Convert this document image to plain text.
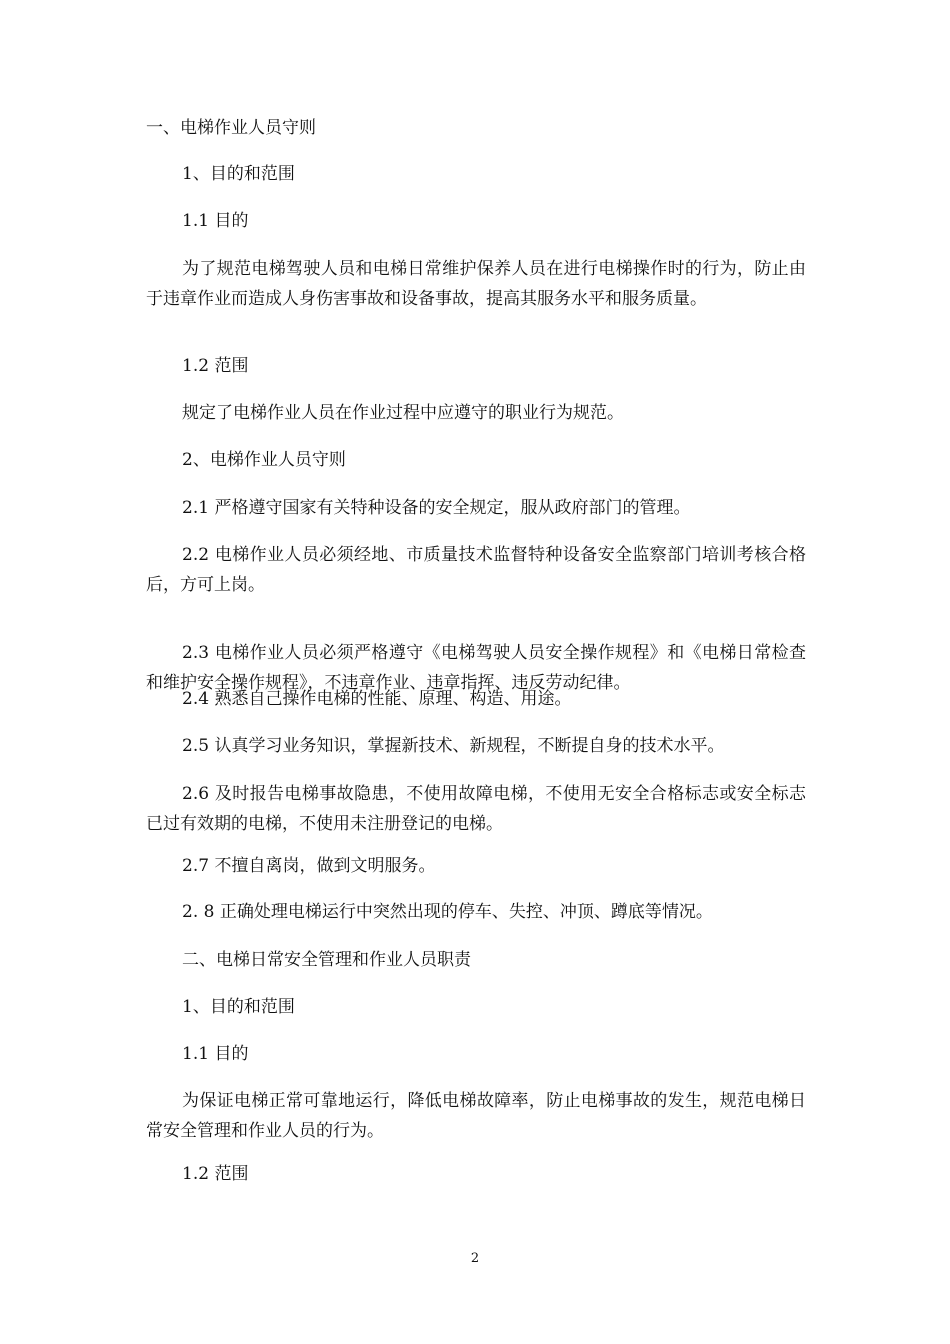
一、电梯作业人员守则

1、目的和范围

1.1 目的

为了规范电梯驾驶人员和电梯日常维护保养人员在进行电梯操作时的行为，防止由于违章作业而造成人身伤害事故和设备事故，提高其服务水平和服务质量。

1.2 范围

规定了电梯作业人员在作业过程中应遵守的职业行为规范。

2、电梯作业人员守则

2.1 严格遵守国家有关特种设备的安全规定，服从政府部门的管理。

2.2 电梯作业人员必须经地、市质量技术监督特种设备安全监察部门培训考核合格后，方可上岗。

2.3 电梯作业人员必须严格遵守《电梯驾驶人员安全操作规程》和《电梯日常检查和维护安全操作规程》，不违章作业、违章指挥、违反劳动纪律。

2.4 熟悉自己操作电梯的性能、原理、构造、用途。

2.5 认真学习业务知识，掌握新技术、新规程，不断提自身的技术水平。

2.6 及时报告电梯事故隐患，不使用故障电梯，不使用无安全合格标志或安全标志已过有效期的电梯，不使用未注册登记的电梯。

2.7 不擅自离岗，做到文明服务。

2. 8 正确处理电梯运行中突然出现的停车、失控、冲顶、蹲底等情况。

二、电梯日常安全管理和作业人员职责

1、目的和范围

1.1 目的

为保证电梯正常可靠地运行，降低电梯故障率，防止电梯事故的发生，规范电梯日常安全管理和作业人员的行为。

1.2 范围

2
